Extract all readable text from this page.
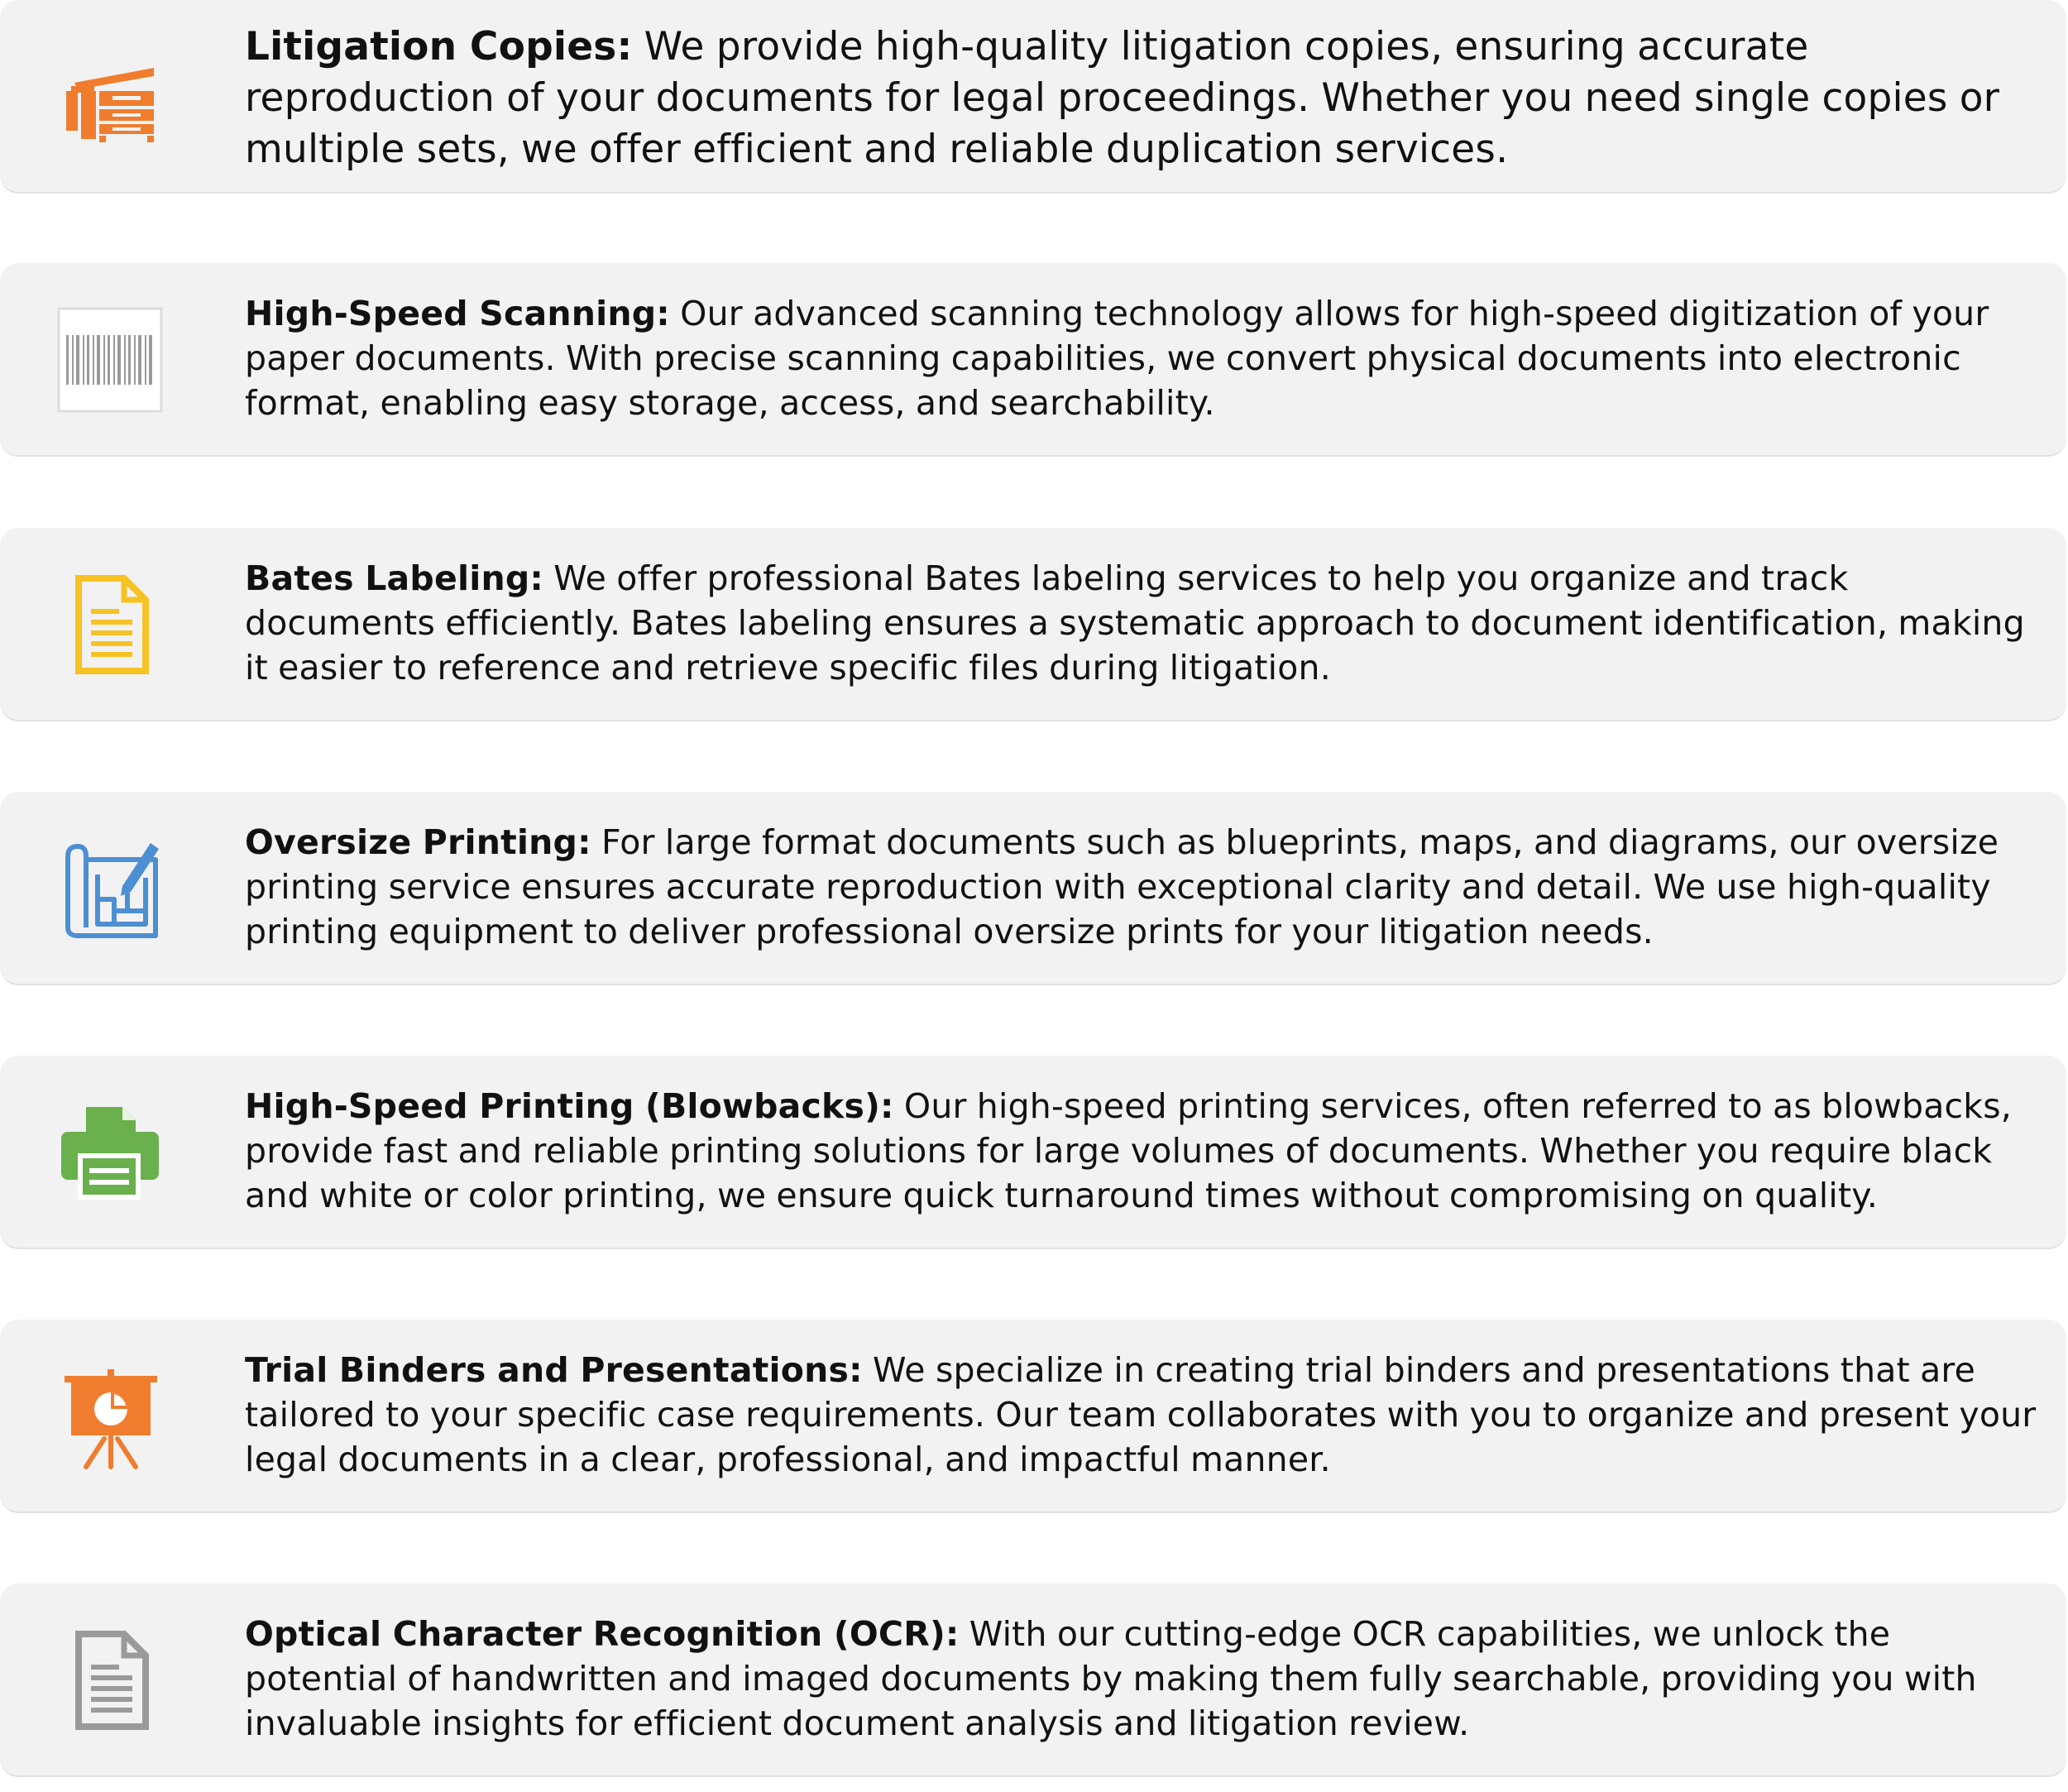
Litigation Copies: We provide high-quality litigation copies, ensuring accurate reproduction of your documents for legal proceedings. Whether you need single copies or multiple sets, we offer efficient and reliable duplication services.
High-Speed Scanning: Our advanced scanning technology allows for high-speed digitization of your paper documents. With precise scanning capabilities, we convert physical documents into electronic format, enabling easy storage, access, and searchability.
Bates Labeling: We offer professional Bates labeling services to help you organize and track documents efficiently. Bates labeling ensures a systematic approach to document identification, making it easier to reference and retrieve specific files during litigation.
Oversize Printing: For large format documents such as blueprints, maps, and diagrams, our oversize printing service ensures accurate reproduction with exceptional clarity and detail. We use high-quality printing equipment to deliver professional oversize prints for your litigation needs.
High-Speed Printing (Blowbacks): Our high-speed printing services, often referred to as blowbacks, provide fast and reliable printing solutions for large volumes of documents. Whether you require black and white or color printing, we ensure quick turnaround times without compromising on quality.
Trial Binders and Presentations: We specialize in creating trial binders and presentations that are tailored to your specific case requirements. Our team collaborates with you to organize and present your legal documents in a clear, professional, and impactful manner.
Optical Character Recognition (OCR): With our cutting-edge OCR capabilities, we unlock the potential of handwritten and imaged documents by making them fully searchable, providing you with invaluable insights for efficient document analysis and litigation review.
